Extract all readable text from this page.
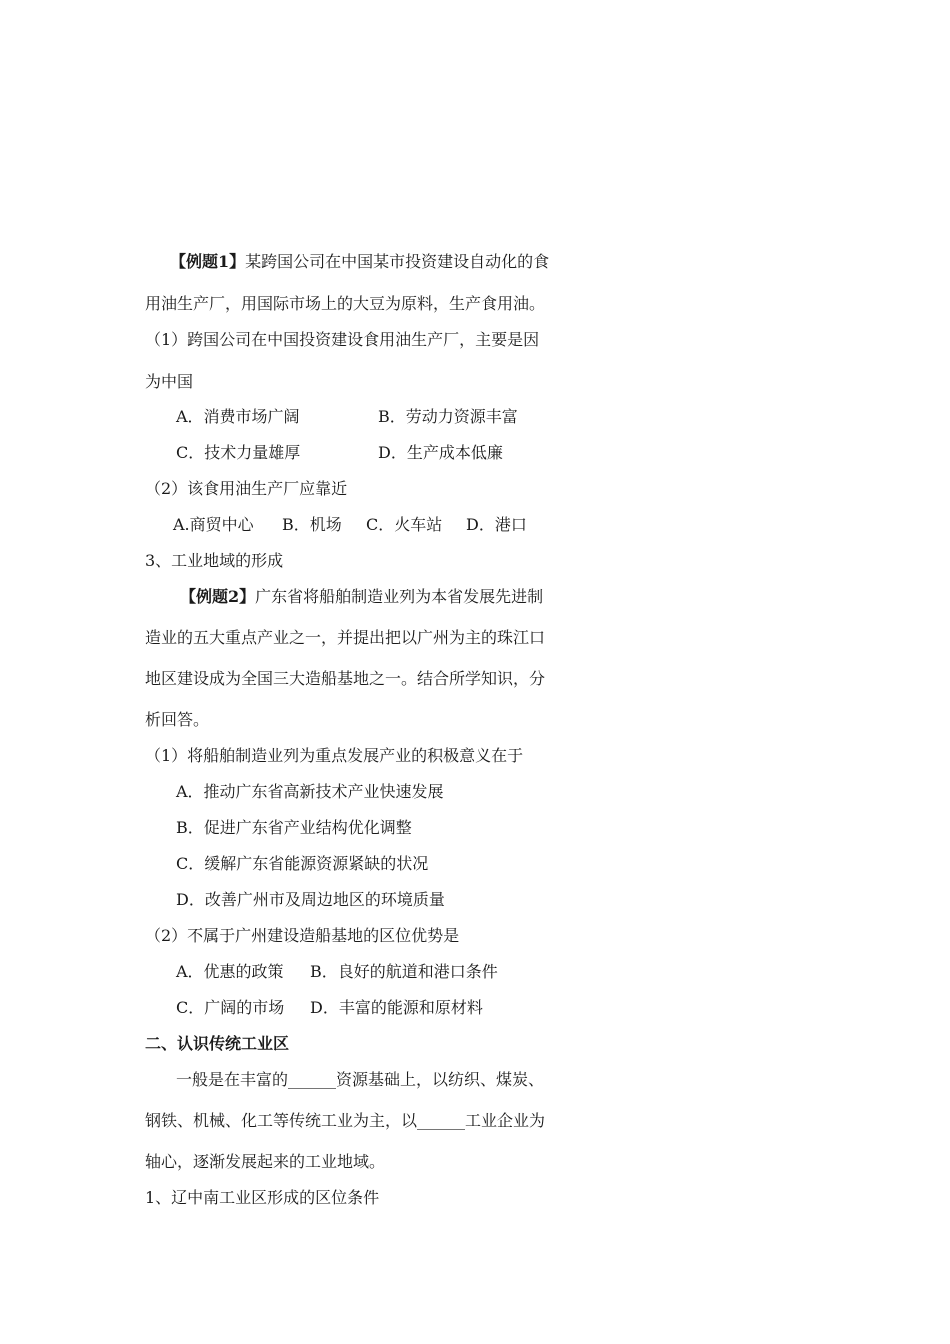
【例题1】某跨国公司在中国某市投资建设自动化的食
用油生产厂，用国际市场上的大豆为原料，生产食用油。
（1）跨国公司在中国投资建设食用油生产厂，主要是因
为中国
A．消费市场广阔	B．劳动力资源丰富
C．技术力量雄厚	D．生产成本低廉
（2）该食用油生产厂应靠近
A.商贸中心 B．机场 C．火车站 D．港口
3、工业地域的形成
【例题2】广东省将船舶制造业列为本省发展先进制
造业的五大重点产业之一，并提出把以广州为主的珠江口
地区建设成为全国三大造船基地之一。结合所学知识，分
析回答。
（1）将船舶制造业列为重点发展产业的积极意义在于
A．推动广东省高新技术产业快速发展
B．促进广东省产业结构优化调整
C．缓解广东省能源资源紧缺的状况
D．改善广州市及周边地区的环境质量
（2）不属于广州建设造船基地的区位优势是
A．优惠的政策 B．良好的航道和港口条件
C．广阔的市场 D．丰富的能源和原材料
二、认识传统工业区
一般是在丰富的______资源基础上，以纺织、煤炭、
钢铁、机械、化工等传统工业为主，以______工业企业为
轴心，逐渐发展起来的工业地域。
1、辽中南工业区形成的区位条件
